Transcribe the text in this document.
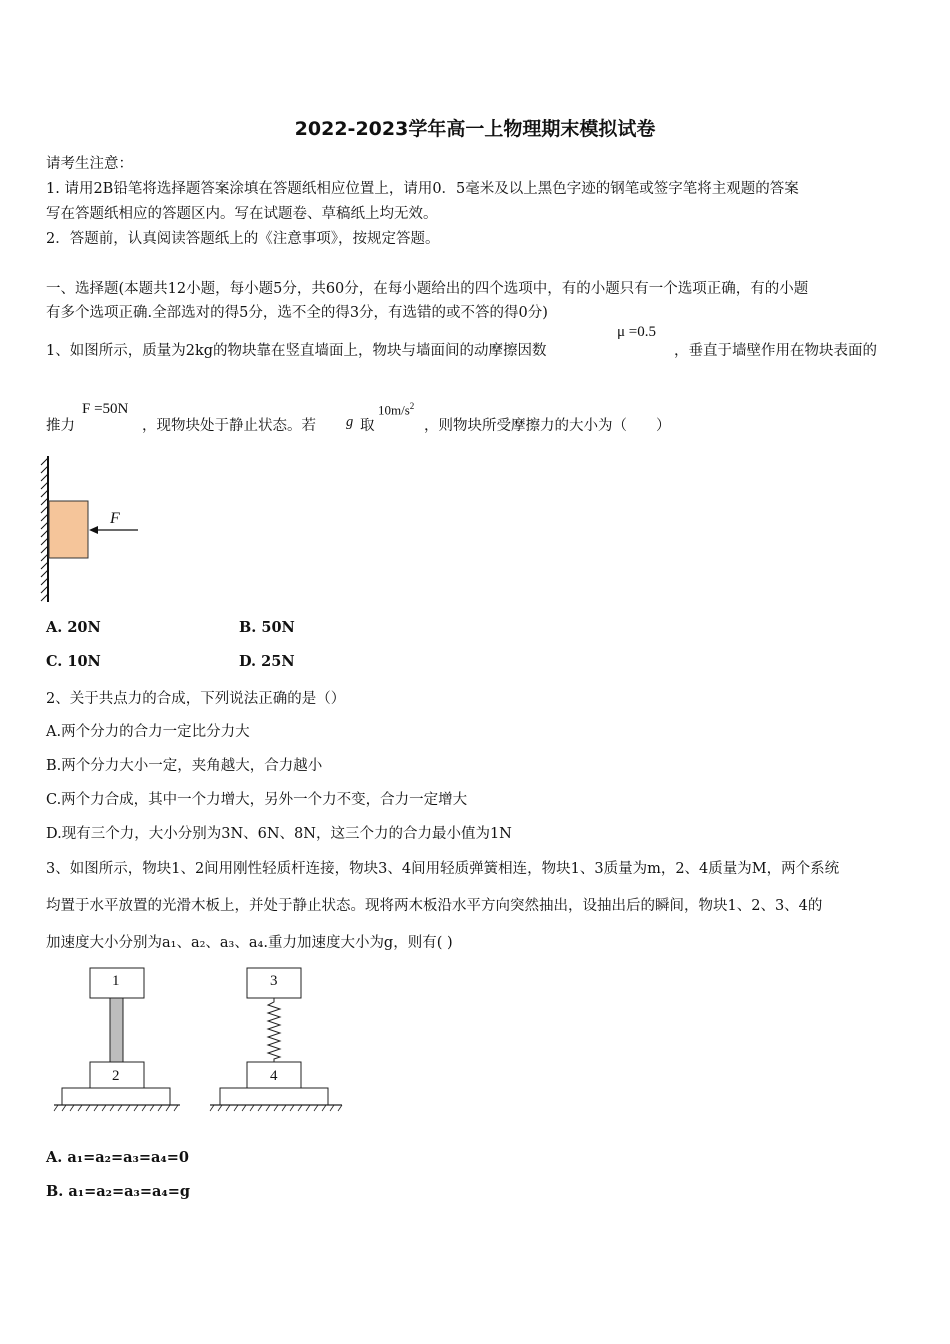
2022-2023学年高一上物理期末模拟试卷
请考生注意：
1. 请用2B铅笔将选择题答案涂填在答题纸相应位置上，请用0．5毫米及以上黑色字迹的钢笔或签字笔将主观题的答案
写在答题纸相应的答题区内。写在试题卷、草稿纸上均无效。
2．答题前，认真阅读答题纸上的《注意事项》，按规定答题。
一、选择题(本题共12小题，每小题5分，共60分，在每小题给出的四个选项中，有的小题只有一个选项正确，有的小题
有多个选项正确.全部选对的得5分，选不全的得3分，有选错的或不答的得0分)
1、如图所示，质量为2kg的物块靠在竖直墙面上，物块与墙面间的动摩擦因数
μ =0.5
，垂直于墙壁作用在物块表面的
推力
F =50N
，现物块处于静止状态。若 g 取
$10m/s^2$
，则物块所受摩擦力的大小为（　　）
F
A. 20N	B. 50N
C. 10N	D. 25N
2、关于共点力的合成，下列说法正确的是（）
A.两个分力的合力一定比分力大
B.两个分力大小一定，夹角越大，合力越小
C.两个力合成，其中一个力增大，另外一个力不变，合力一定增大
D.现有三个力，大小分别为3N、6N、8N，这三个力的合力最小值为1N
3、如图所示，物块1、2间用刚性轻质杆连接，物块3、4间用轻质弹簧相连，物块1、3质量为m，2、4质量为M，两个系统
均置于水平放置的光滑木板上，并处于静止状态。现将两木板沿水平方向突然抽出，设抽出后的瞬间，物块1、2、3、4的
加速度大小分别为a₁、a₂、a₃、a₄.重力加速度大小为g，则有( )
1
2
3
4
A. a₁=a₂=a₃=a₄=0
B. a₁=a₂=a₃=a₄=g
